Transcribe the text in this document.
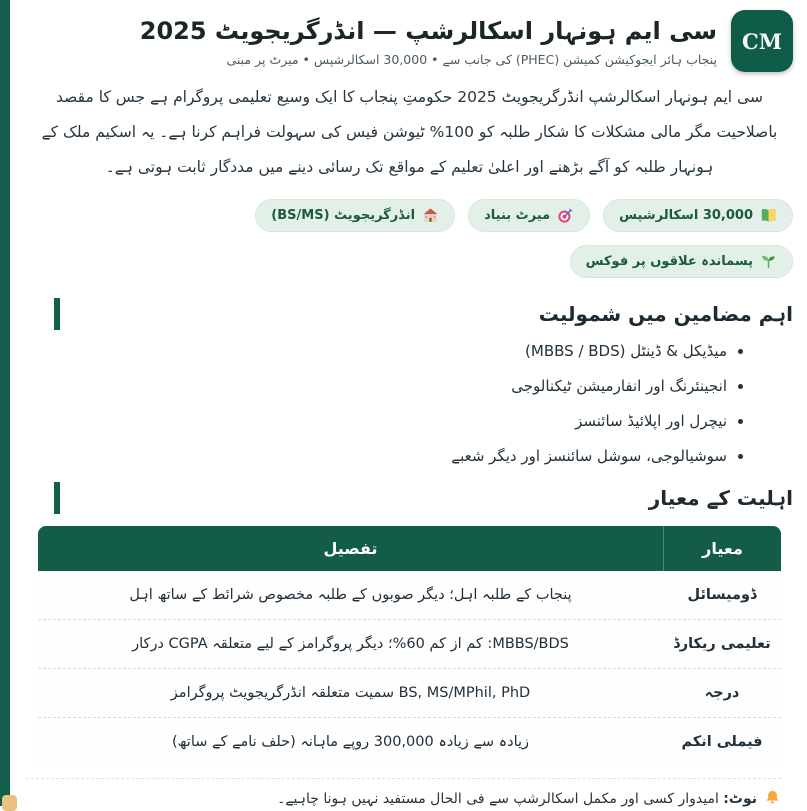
CM
سی ایم ہونہار اسکالرشپ — انڈرگریجویٹ 2025
پنجاب ہائر ایجوکیشن کمیشن (PHEC) کی جانب سے • 30,000 اسکالرشپس • میرٹ پر مبنی

سی ایم ہونہار اسکالرشپ انڈرگریجویٹ 2025 حکومتِ پنجاب کا ایک وسیع تعلیمی پروگرام ہے جس کا مقصد باصلاحیت مگر مالی مشکلات کا شکار طلبہ کو 100% ٹیوشن فیس کی سہولت فراہم کرنا ہے۔ یہ اسکیم ملک کے ہونہار طلبہ کو آگے بڑھنے اور اعلیٰ تعلیم کے مواقع تک رسائی دینے میں مددگار ثابت ہوتی ہے۔

30,000 اسکالرشپس
میرٹ بنیاد
انڈرگریجویٹ (BS/MS)
پسماندہ علاقوں پر فوکس
اہم مضامین میں شمولیت
• میڈیکل & ڈینٹل (MBBS / BDS)
• انجینئرنگ اور انفارمیشن ٹیکنالوجی
• نیچرل اور اپلائیڈ سائنسز
• سوشیالوجی، سوشل سائنسز اور دیگر شعبے
اہلیت کے معیار
معیار
تفصیل
ڈومیسائل
پنجاب کے طلبہ اہل؛ دیگر صوبوں کے طلبہ مخصوص شرائط کے ساتھ اہل
تعلیمی ریکارڈ
MBBS/BDS: کم از کم 60%؛ دیگر پروگرامز کے لیے متعلقہ CGPA درکار
درجہ
BS, MS/MPhil, PhD سمیت متعلقہ انڈرگریجویٹ پروگرامز
فیملی انکم
زیادہ سے زیادہ 300,000 روپے ماہانہ (حلف نامے کے ساتھ)
نوٹ: امیدوار کسی اور مکمل اسکالرشپ سے فی الحال مستفید نہیں ہونا چاہیے۔
